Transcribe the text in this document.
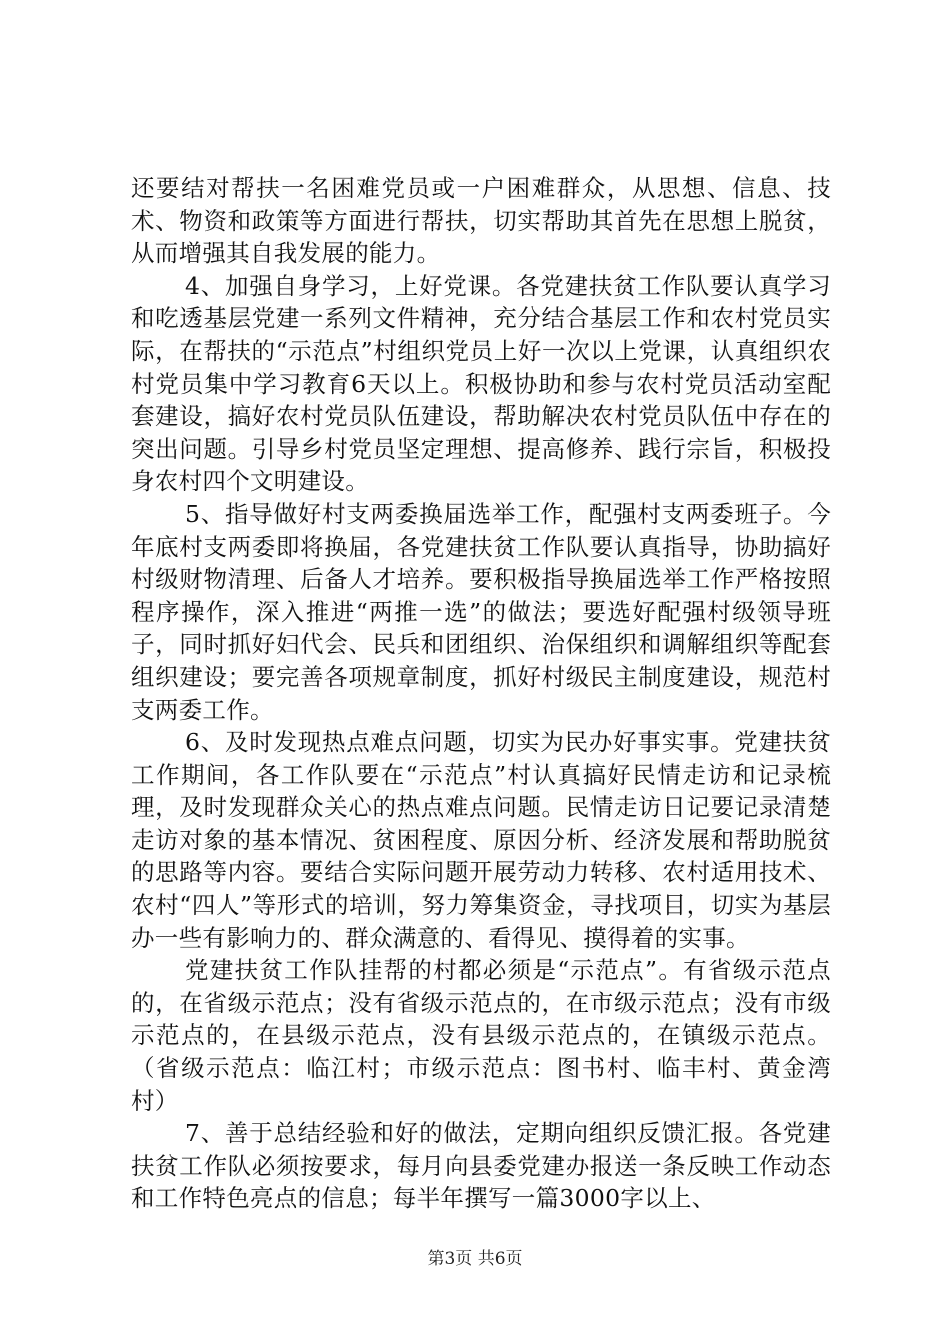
还要结对帮扶一名困难党员或一户困难群众，从思想、信息、技术、物资和政策等方面进行帮扶，切实帮助其首先在思想上脱贫，从而增强其自我发展的能力。

4、加强自身学习，上好党课。各党建扶贫工作队要认真学习和吃透基层党建一系列文件精神，充分结合基层工作和农村党员实际，在帮扶的“示范点”村组织党员上好一次以上党课，认真组织农村党员集中学习教育6天以上。积极协助和参与农村党员活动室配套建设，搞好农村党员队伍建设，帮助解决农村党员队伍中存在的突出问题。引导乡村党员坚定理想、提高修养、践行宗旨，积极投身农村四个文明建设。

5、指导做好村支两委换届选举工作，配强村支两委班子。今年底村支两委即将换届，各党建扶贫工作队要认真指导，协助搞好村级财物清理、后备人才培养。要积极指导换届选举工作严格按照程序操作，深入推进“两推一选”的做法；要选好配强村级领导班子，同时抓好妇代会、民兵和团组织、治保组织和调解组织等配套组织建设；要完善各项规章制度，抓好村级民主制度建设，规范村支两委工作。

6、及时发现热点难点问题，切实为民办好事实事。党建扶贫工作期间，各工作队要在“示范点”村认真搞好民情走访和记录梳理，及时发现群众关心的热点难点问题。民情走访日记要记录清楚走访对象的基本情况、贫困程度、原因分析、经济发展和帮助脱贫的思路等内容。要结合实际问题开展劳动力转移、农村适用技术、农村“四人”等形式的培训，努力筹集资金，寻找项目，切实为基层办一些有影响力的、群众满意的、看得见、摸得着的实事。

党建扶贫工作队挂帮的村都必须是“示范点”。有省级示范点的，在省级示范点；没有省级示范点的，在市级示范点；没有市级示范点的，在县级示范点，没有县级示范点的，在镇级示范点。（省级示范点：临江村；市级示范点：图书村、临丰村、黄金湾村）

7、善于总结经验和好的做法，定期向组织反馈汇报。各党建扶贫工作队必须按要求，每月向县委党建办报送一条反映工作动态和工作特色亮点的信息；每半年撰写一篇3000字以上、

第3页 共6页
